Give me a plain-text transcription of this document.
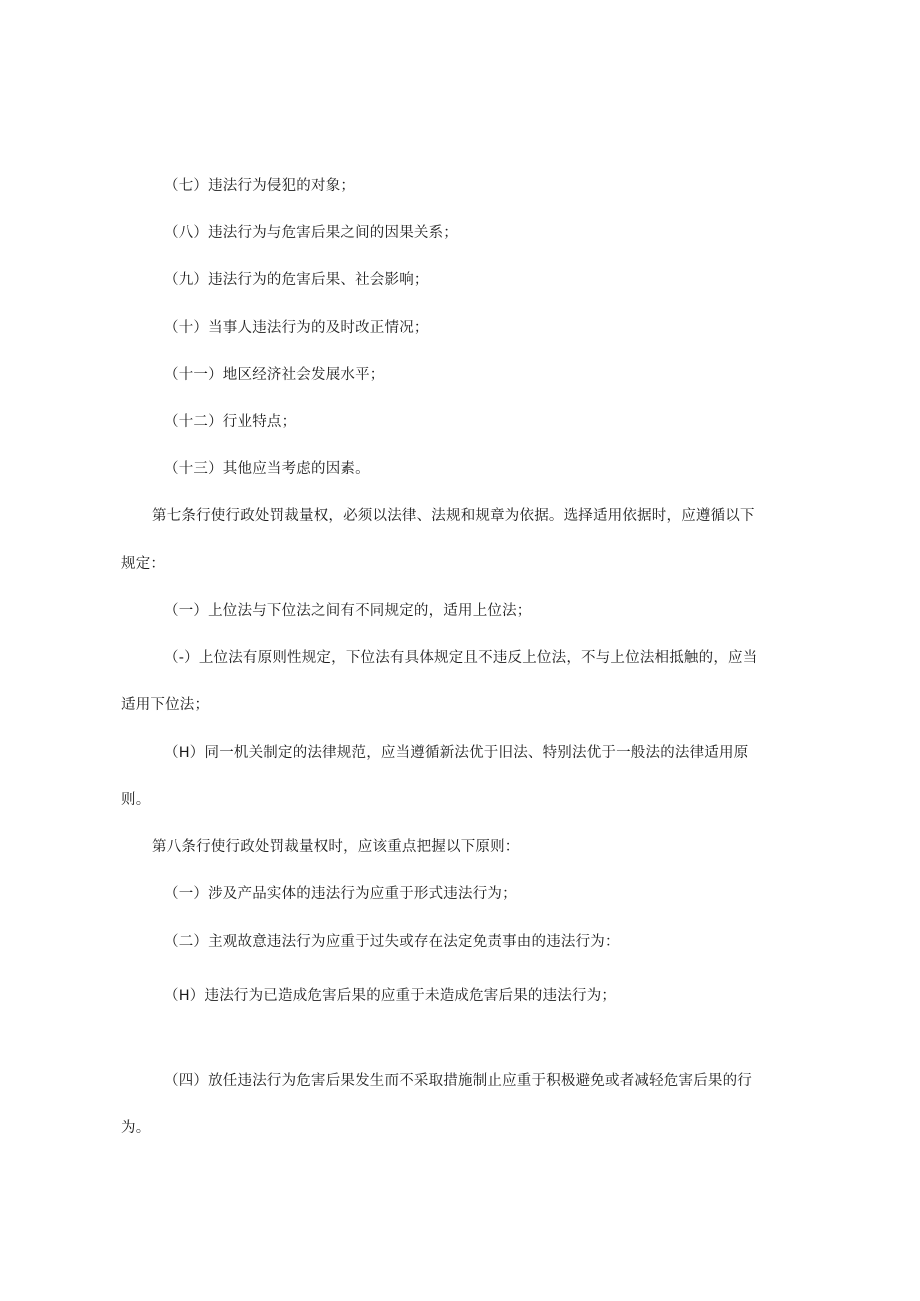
（七）违法行为侵犯的对象；
（八）违法行为与危害后果之间的因果关系；
（九）违法行为的危害后果、社会影响；
（十）当事人违法行为的及时改正情况；
（十一）地区经济社会发展水平；
（十二）行业特点；
（十三）其他应当考虑的因素。
第七条行使行政处罚裁量权，必须以法律、法规和规章为依据。选择适用依据时，应遵循以下
规定：
（一）上位法与下位法之间有不同规定的，适用上位法；
（-）上位法有原则性规定，下位法有具体规定且不违反上位法，不与上位法相抵触的，应当
适用下位法；
（H）同一机关制定的法律规范，应当遵循新法优于旧法、特别法优于一般法的法律适用原
则。
第八条行使行政处罚裁量权时，应该重点把握以下原则：
（一）涉及产品实体的违法行为应重于形式违法行为；
（二）主观故意违法行为应重于过失或存在法定免责事由的违法行为：
（H）违法行为已造成危害后果的应重于未造成危害后果的违法行为；
（四）放任违法行为危害后果发生而不采取措施制止应重于积极避免或者减轻危害后果的行
为。
